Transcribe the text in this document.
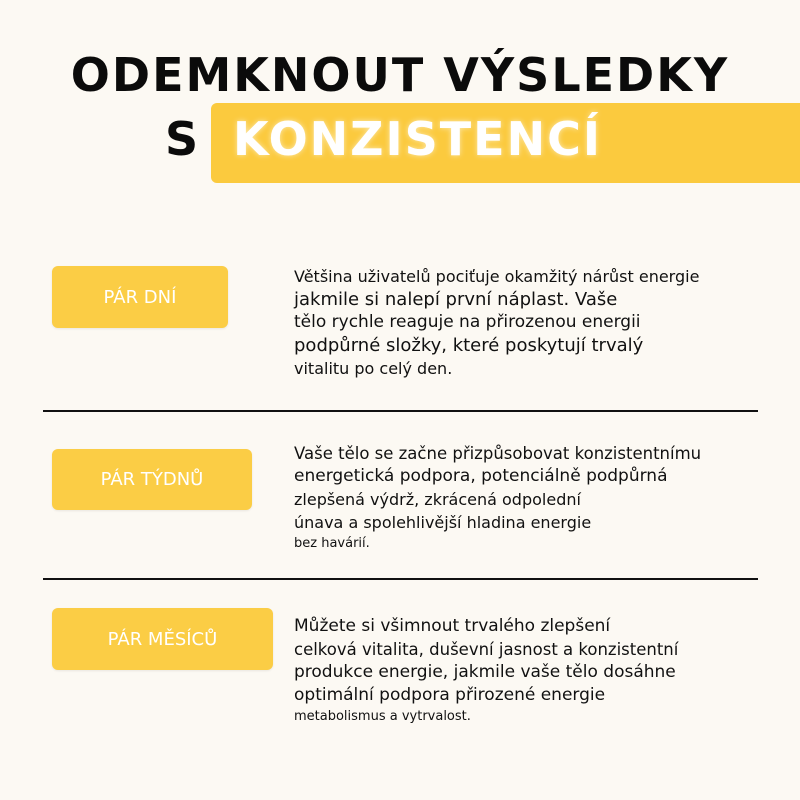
ODEMKNOUT VÝSLEDKY
S KONZISTENCÍ
PÁR DNÍ
Většina uživatelů pociťuje okamžitý nárůst energie
jakmile si nalepí první náplast. Vaše
tělo rychle reaguje na přirozenou energii
podpůrné složky, které poskytují trvalý
vitalitu po celý den.
PÁR TÝDNŮ
Vaše tělo se začne přizpůsobovat konzistentnímu
energetická podpora, potenciálně podpůrná
zlepšená výdrž, zkrácená odpolední
únava a spolehlivější hladina energie
bez havárií.
PÁR MĚSÍCŮ
Můžete si všimnout trvalého zlepšení
celková vitalita, duševní jasnost a konzistentní
produkce energie, jakmile vaše tělo dosáhne
optimální podpora přirozené energie
metabolismus a vytrvalost.
